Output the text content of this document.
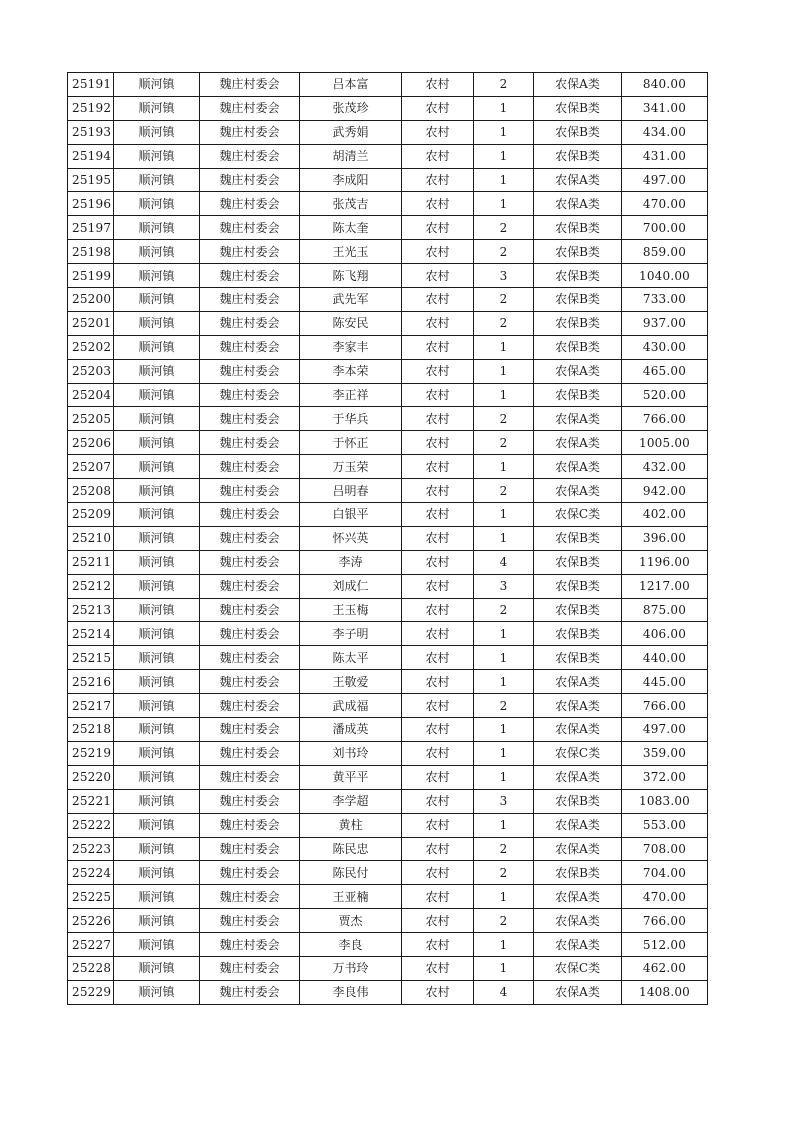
25191	顺河镇	魏庄村委会	吕本富	农村	2	农保A类	840.00
25192	顺河镇	魏庄村委会	张茂珍	农村	1	农保B类	341.00
25193	顺河镇	魏庄村委会	武秀娟	农村	1	农保B类	434.00
25194	顺河镇	魏庄村委会	胡清兰	农村	1	农保B类	431.00
25195	顺河镇	魏庄村委会	李成阳	农村	1	农保A类	497.00
25196	顺河镇	魏庄村委会	张茂吉	农村	1	农保A类	470.00
25197	顺河镇	魏庄村委会	陈太奎	农村	2	农保B类	700.00
25198	顺河镇	魏庄村委会	王光玉	农村	2	农保B类	859.00
25199	顺河镇	魏庄村委会	陈飞翔	农村	3	农保B类	1040.00
25200	顺河镇	魏庄村委会	武先军	农村	2	农保B类	733.00
25201	顺河镇	魏庄村委会	陈安民	农村	2	农保B类	937.00
25202	顺河镇	魏庄村委会	李家丰	农村	1	农保B类	430.00
25203	顺河镇	魏庄村委会	李本荣	农村	1	农保A类	465.00
25204	顺河镇	魏庄村委会	李正祥	农村	1	农保B类	520.00
25205	顺河镇	魏庄村委会	于华兵	农村	2	农保A类	766.00
25206	顺河镇	魏庄村委会	于怀正	农村	2	农保A类	1005.00
25207	顺河镇	魏庄村委会	万玉荣	农村	1	农保A类	432.00
25208	顺河镇	魏庄村委会	吕明春	农村	2	农保A类	942.00
25209	顺河镇	魏庄村委会	白银平	农村	1	农保C类	402.00
25210	顺河镇	魏庄村委会	怀兴英	农村	1	农保B类	396.00
25211	顺河镇	魏庄村委会	李涛	农村	4	农保B类	1196.00
25212	顺河镇	魏庄村委会	刘成仁	农村	3	农保B类	1217.00
25213	顺河镇	魏庄村委会	王玉梅	农村	2	农保B类	875.00
25214	顺河镇	魏庄村委会	李子明	农村	1	农保B类	406.00
25215	顺河镇	魏庄村委会	陈太平	农村	1	农保B类	440.00
25216	顺河镇	魏庄村委会	王敬爱	农村	1	农保A类	445.00
25217	顺河镇	魏庄村委会	武成福	农村	2	农保A类	766.00
25218	顺河镇	魏庄村委会	潘成英	农村	1	农保A类	497.00
25219	顺河镇	魏庄村委会	刘书玲	农村	1	农保C类	359.00
25220	顺河镇	魏庄村委会	黄平平	农村	1	农保A类	372.00
25221	顺河镇	魏庄村委会	李学超	农村	3	农保B类	1083.00
25222	顺河镇	魏庄村委会	黄柱	农村	1	农保A类	553.00
25223	顺河镇	魏庄村委会	陈民忠	农村	2	农保A类	708.00
25224	顺河镇	魏庄村委会	陈民付	农村	2	农保B类	704.00
25225	顺河镇	魏庄村委会	王亚楠	农村	1	农保A类	470.00
25226	顺河镇	魏庄村委会	贾杰	农村	2	农保A类	766.00
25227	顺河镇	魏庄村委会	李良	农村	1	农保A类	512.00
25228	顺河镇	魏庄村委会	万书玲	农村	1	农保C类	462.00
25229	顺河镇	魏庄村委会	李良伟	农村	4	农保A类	1408.00
